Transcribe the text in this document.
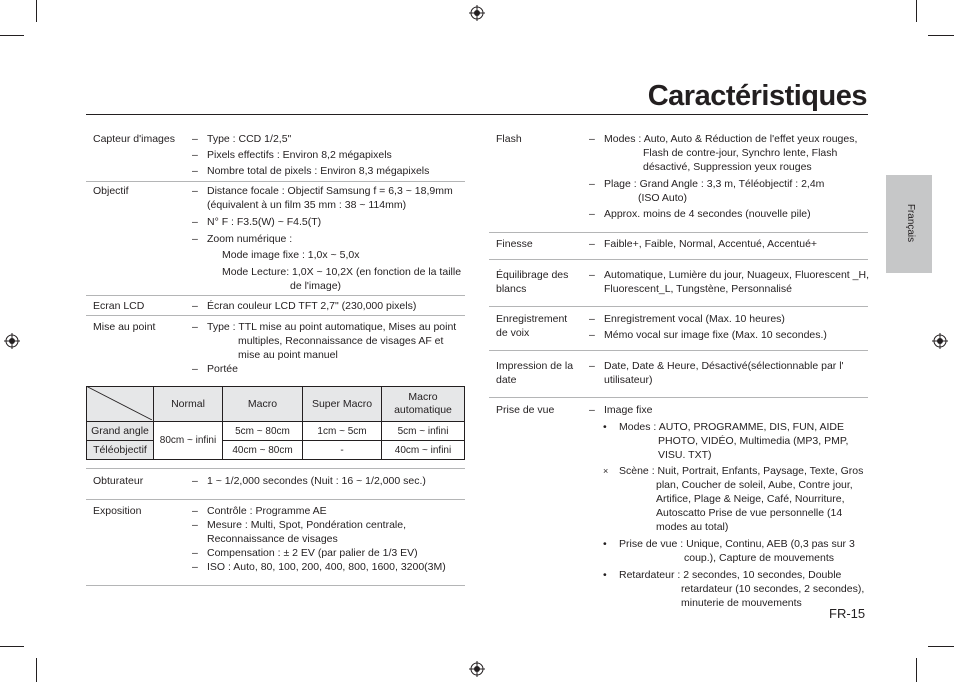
Caractéristiques
Français
Capteur d'images – Type : CCD 1/2,5"
– Pixels effectifs : Environ 8,2 mégapixels
– Nombre total de pixels : Environ 8,3 mégapixels
Objectif	– Distance focale : Objectif Samsung f = 6,3 ~ 18,9mm
(équivalent à un film 35 mm : 38 ~ 114mm)
– N° F : F3.5(W) ~ F4.5(T)
– Zoom numérique :
Mode image fixe : 1,0x ~ 5,0x
Mode Lecture: 1,0X ~ 10,2X (en fonction de la taille
de l'image)
Ecran LCD	– Écran couleur LCD TFT 2,7" (230,000 pixels)
Mise au point	– Type : TTL mise au point automatique, Mises au point
multiples, Reconnaissance de visages AF et
mise au point manuel
– Portée
	Normal	Macro	Super Macro	Macro automatique
Grand angle	80cm ~ infini	5cm ~ 80cm	1cm ~ 5cm	5cm ~ infini
Téléobjectif		40cm ~ 80cm	-	40cm ~ infini
Obturateur	– 1 ~ 1/2,000 secondes (Nuit : 16 ~ 1/2,000 sec.)
Exposition	– Contrôle : Programme AE
– Mesure : Multi, Spot, Pondération centrale,
Reconnaissance de visages
– Compensation : ± 2 EV (par palier de 1/3 EV)
– ISO : Auto, 80, 100, 200, 400, 800, 1600, 3200(3M)
Flash	– Modes : Auto, Auto & Réduction de l'effet yeux rouges,
Flash de contre-jour, Synchro lente, Flash
désactivé, Suppression yeux rouges
– Plage : Grand Angle : 3,3 m, Téléobjectif : 2,4m
(ISO Auto)
– Approx. moins de 4 secondes (nouvelle pile)
Finesse	– Faible+, Faible, Normal, Accentué, Accentué+
Équilibrage des
blancs
– Automatique, Lumière du jour, Nuageux, Fluorescent _H,
Fluorescent_L, Tungstène, Personnalisé
Enregistrement
de voix
– Enregistrement vocal (Max. 10 heures)
– Mémo vocal sur image fixe (Max. 10 secondes.)
Impression de la
date
– Date, Date & Heure, Désactivé(sélectionnable par l'
utilisateur)
Prise de vue	– Image fixe
• Modes : AUTO, PROGRAMME, DIS, FUN, AIDE
PHOTO, VIDÉO, Multimedia (MP3, PMP,
VISU. TXT)
× Scène : Nuit, Portrait, Enfants, Paysage, Texte, Gros
plan, Coucher de soleil, Aube, Contre jour,
Artifice, Plage & Neige, Café, Nourriture,
Autoscatto Prise de vue personnelle (14
modes au total)
• Prise de vue : Unique, Continu, AEB (0,3 pas sur 3
coup.), Capture de mouvements
• Retardateur : 2 secondes, 10 secondes, Double
retardateur (10 secondes, 2 secondes),
minuterie de mouvements
FR-15
